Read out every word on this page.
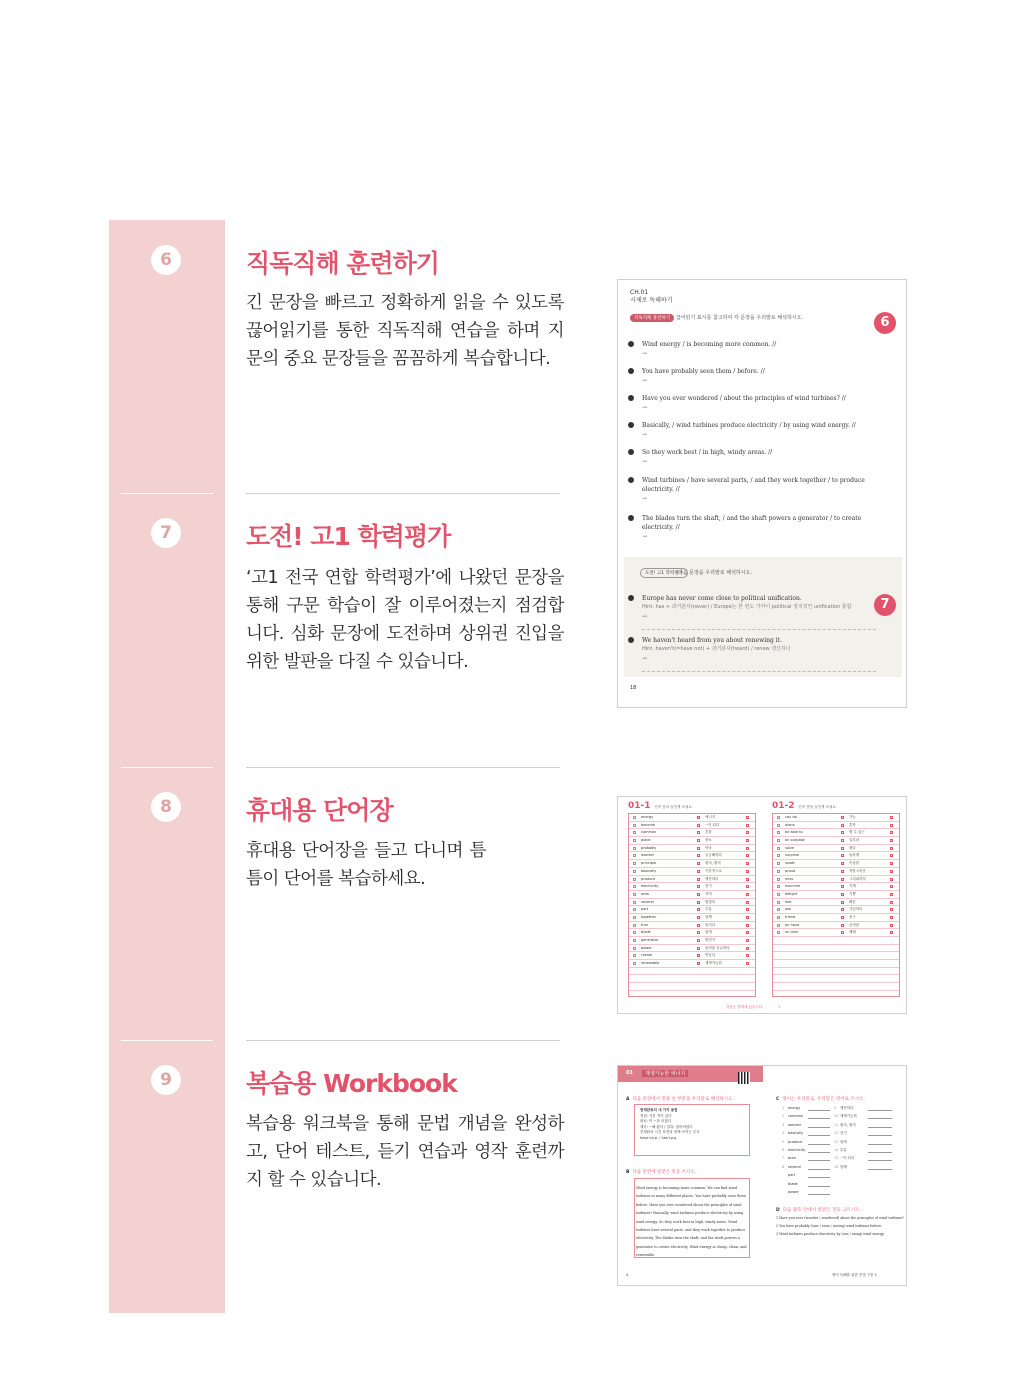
6	직독직해 훈련하기
긴 문장을 빠르고 정확하게 읽을 수 있도록 끊어읽기를 통한 직독직해 연습을 하며 지문의 중요 문장들을 꼼꼼하게 복습합니다.
7	도전! 고1 학력평가
‘고1 전국 연합 학력평가’에 나왔던 문장을 통해 구문 학습이 잘 이루어졌는지 점검합니다. 심화 문장에 도전하며 상위권 진입을 위한 발판을 다질 수 있습니다.
8	휴대용 단어장
휴대용 단어장을 들고 다니며 틈틈이 단어를 복습하세요.
9	복습용 Workbook
복습용 워크북을 통해 문법 개념을 완성하고, 단어 테스트, 듣기 연습과 영작 훈련까지 할 수 있습니다.
CH.01
시제로 독해하기
직독직해 훈련하기	끊어읽기 표시를 참고하여 각 문장을 우리말로 해석하시오.	6
Wind energy / is becoming more common. //
→
You have probably seen them / before. //
→
Have you ever wondered / about the principles of wind turbines? //
→
Basically, / wind turbines produce electricity / by using wind energy. //
→
So they work best / in high, windy areas. //
→
Wind turbines / have several parts, / and they work together / to produce electricity. //
→
The blades turn the shaft, / and the shaft powers a generator / to create electricity. //
→
도전! 고1 학력평가
다음 문장을 우리말로 해석하시오.
7
Europe has never come close to political unification.
Hint. has + 과거분사(never) / Europe는 한 번도 가까이 political 정치적인 unification 통합
→
We haven't heard from you about renewing it.
Hint. haven't(=have not) + 과거분사(heard) / renew 갱신하다
→
18
01-1 단어 뜻과 알맞게 쓰세요.
energy	에너지
become	~이 되다
common	흔한
place	장소
probably	아마
wonder	궁금해하다
principle	원리, 원칙
basically	기본적으로
produce	생산하다
electricity	전기
area	지역
several	몇몇의
part	부분
together	함께
turn	돌리다
blade	날개
generator	발전기
power	동력을 공급하다
create	만들다
renewable	재생가능한
01-2 단어 뜻을 알맞게 쓰세요.
can do	가능
alone	혼자
be able to	할 수 있는
on purpose	일부러
solve	풀다
surprise	놀라게
upset	속상한
proud	자랑스러운
miss	그리워하다
machine	기계
delight	기쁨
fast	빠른
join	가입하다
friend	친구
on hand	준비된
on time	제때
정답은 별책에 있습니다.	1
01	재생가능한 에너지
A 다음 문장에서 밑줄 친 부분을 우리말로 해석하시오.
현재완료의 네 가지 용법
경험: 가본 적이 있다
완료: 막 ~을 마쳤다
계속: ~해 왔다 / 결과: 잃어버렸다
현재완료 시간 표현과 함께 쓰이는 부사
have+p.p. / has+p.p.
B 다음 빈칸에 알맞은 말을 쓰시오.
Wind energy is becoming more common. We can find wind turbines in many different places. You have probably seen them before. Have you ever wondered about the principles of wind turbines? Basically, wind turbines produce electricity by using wind energy. So they work best in high, windy areas. Wind turbines have several parts, and they work together to produce electricity. The blades turn the shaft, and the shaft powers a generator to create electricity. Wind energy is cheap, clean, and renewable.
C 영어는 우리말로, 우리말은 영어로 쓰시오.
1 energy	9 생산하다
2 common	10 재생가능한
3 wonder	11 원리, 원칙
4 basically	12 전기
5 produce	13 날개
6 electricity	14 부분
7 area	15 ~이 되다
8 several	16 함께
part
blade
power
D 다음 괄호 안에서 알맞은 것을 고르시오.
1 Have you ever (wonder / wondered) about the principles of wind turbines?
2 You have probably (saw / seen / seeing) wind turbines before.
3 Wind turbines produce electricity by (use / using) wind energy.
4	영어 독해를 위한 문법 구문 1
